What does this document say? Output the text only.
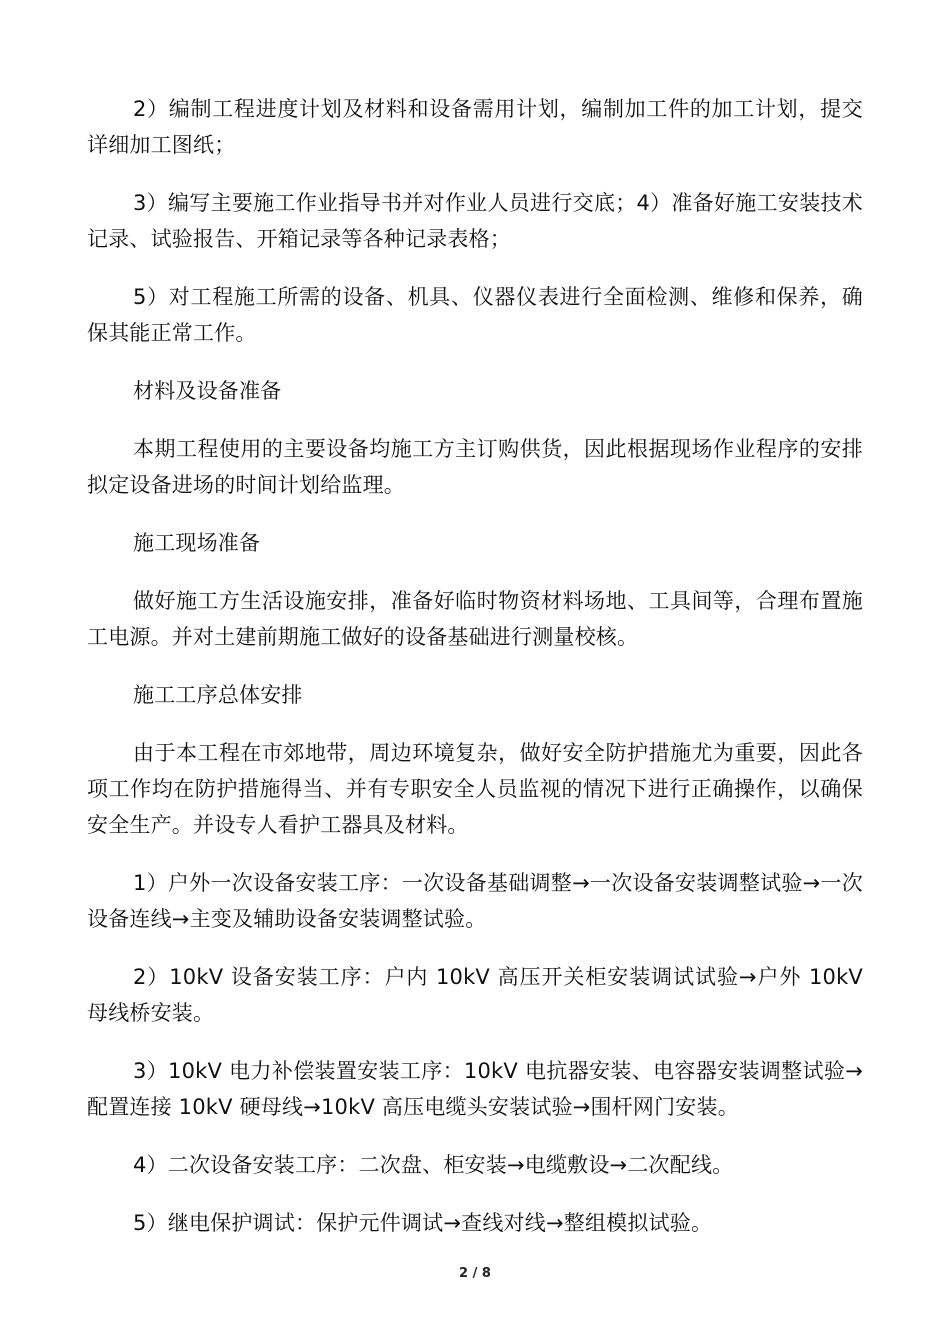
2）编制工程进度计划及材料和设备需用计划，编制加工件的加工计划，提交详细加工图纸；

3）编写主要施工作业指导书并对作业人员进行交底；4）准备好施工安装技术记录、试验报告、开箱记录等各种记录表格；

5）对工程施工所需的设备、机具、仪器仪表进行全面检测、维修和保养，确保其能正常工作。

材料及设备准备

本期工程使用的主要设备均施工方主订购供货，因此根据现场作业程序的安排拟定设备进场的时间计划给监理。

施工现场准备

做好施工方生活设施安排，准备好临时物资材料场地、工具间等，合理布置施工电源。并对土建前期施工做好的设备基础进行测量校核。

施工工序总体安排

由于本工程在市郊地带，周边环境复杂，做好安全防护措施尤为重要，因此各项工作均在防护措施得当、并有专职安全人员监视的情况下进行正确操作，以确保安全生产。并设专人看护工器具及材料。

1）户外一次设备安装工序：一次设备基础调整→一次设备安装调整试验→一次设备连线→主变及辅助设备安装调整试验。

2）10kV 设备安装工序：户内 10kV 高压开关柜安装调试试验→户外 10kV 母线桥安装。

3）10kV 电力补偿装置安装工序：10kV 电抗器安装、电容器安装调整试验→配置连接 10kV 硬母线→10kV 高压电缆头安装试验→围杆网门安装。

4）二次设备安装工序：二次盘、柜安装→电缆敷设→二次配线。

5）继电保护调试：保护元件调试→查线对线→整组模拟试验。

2 / 8
